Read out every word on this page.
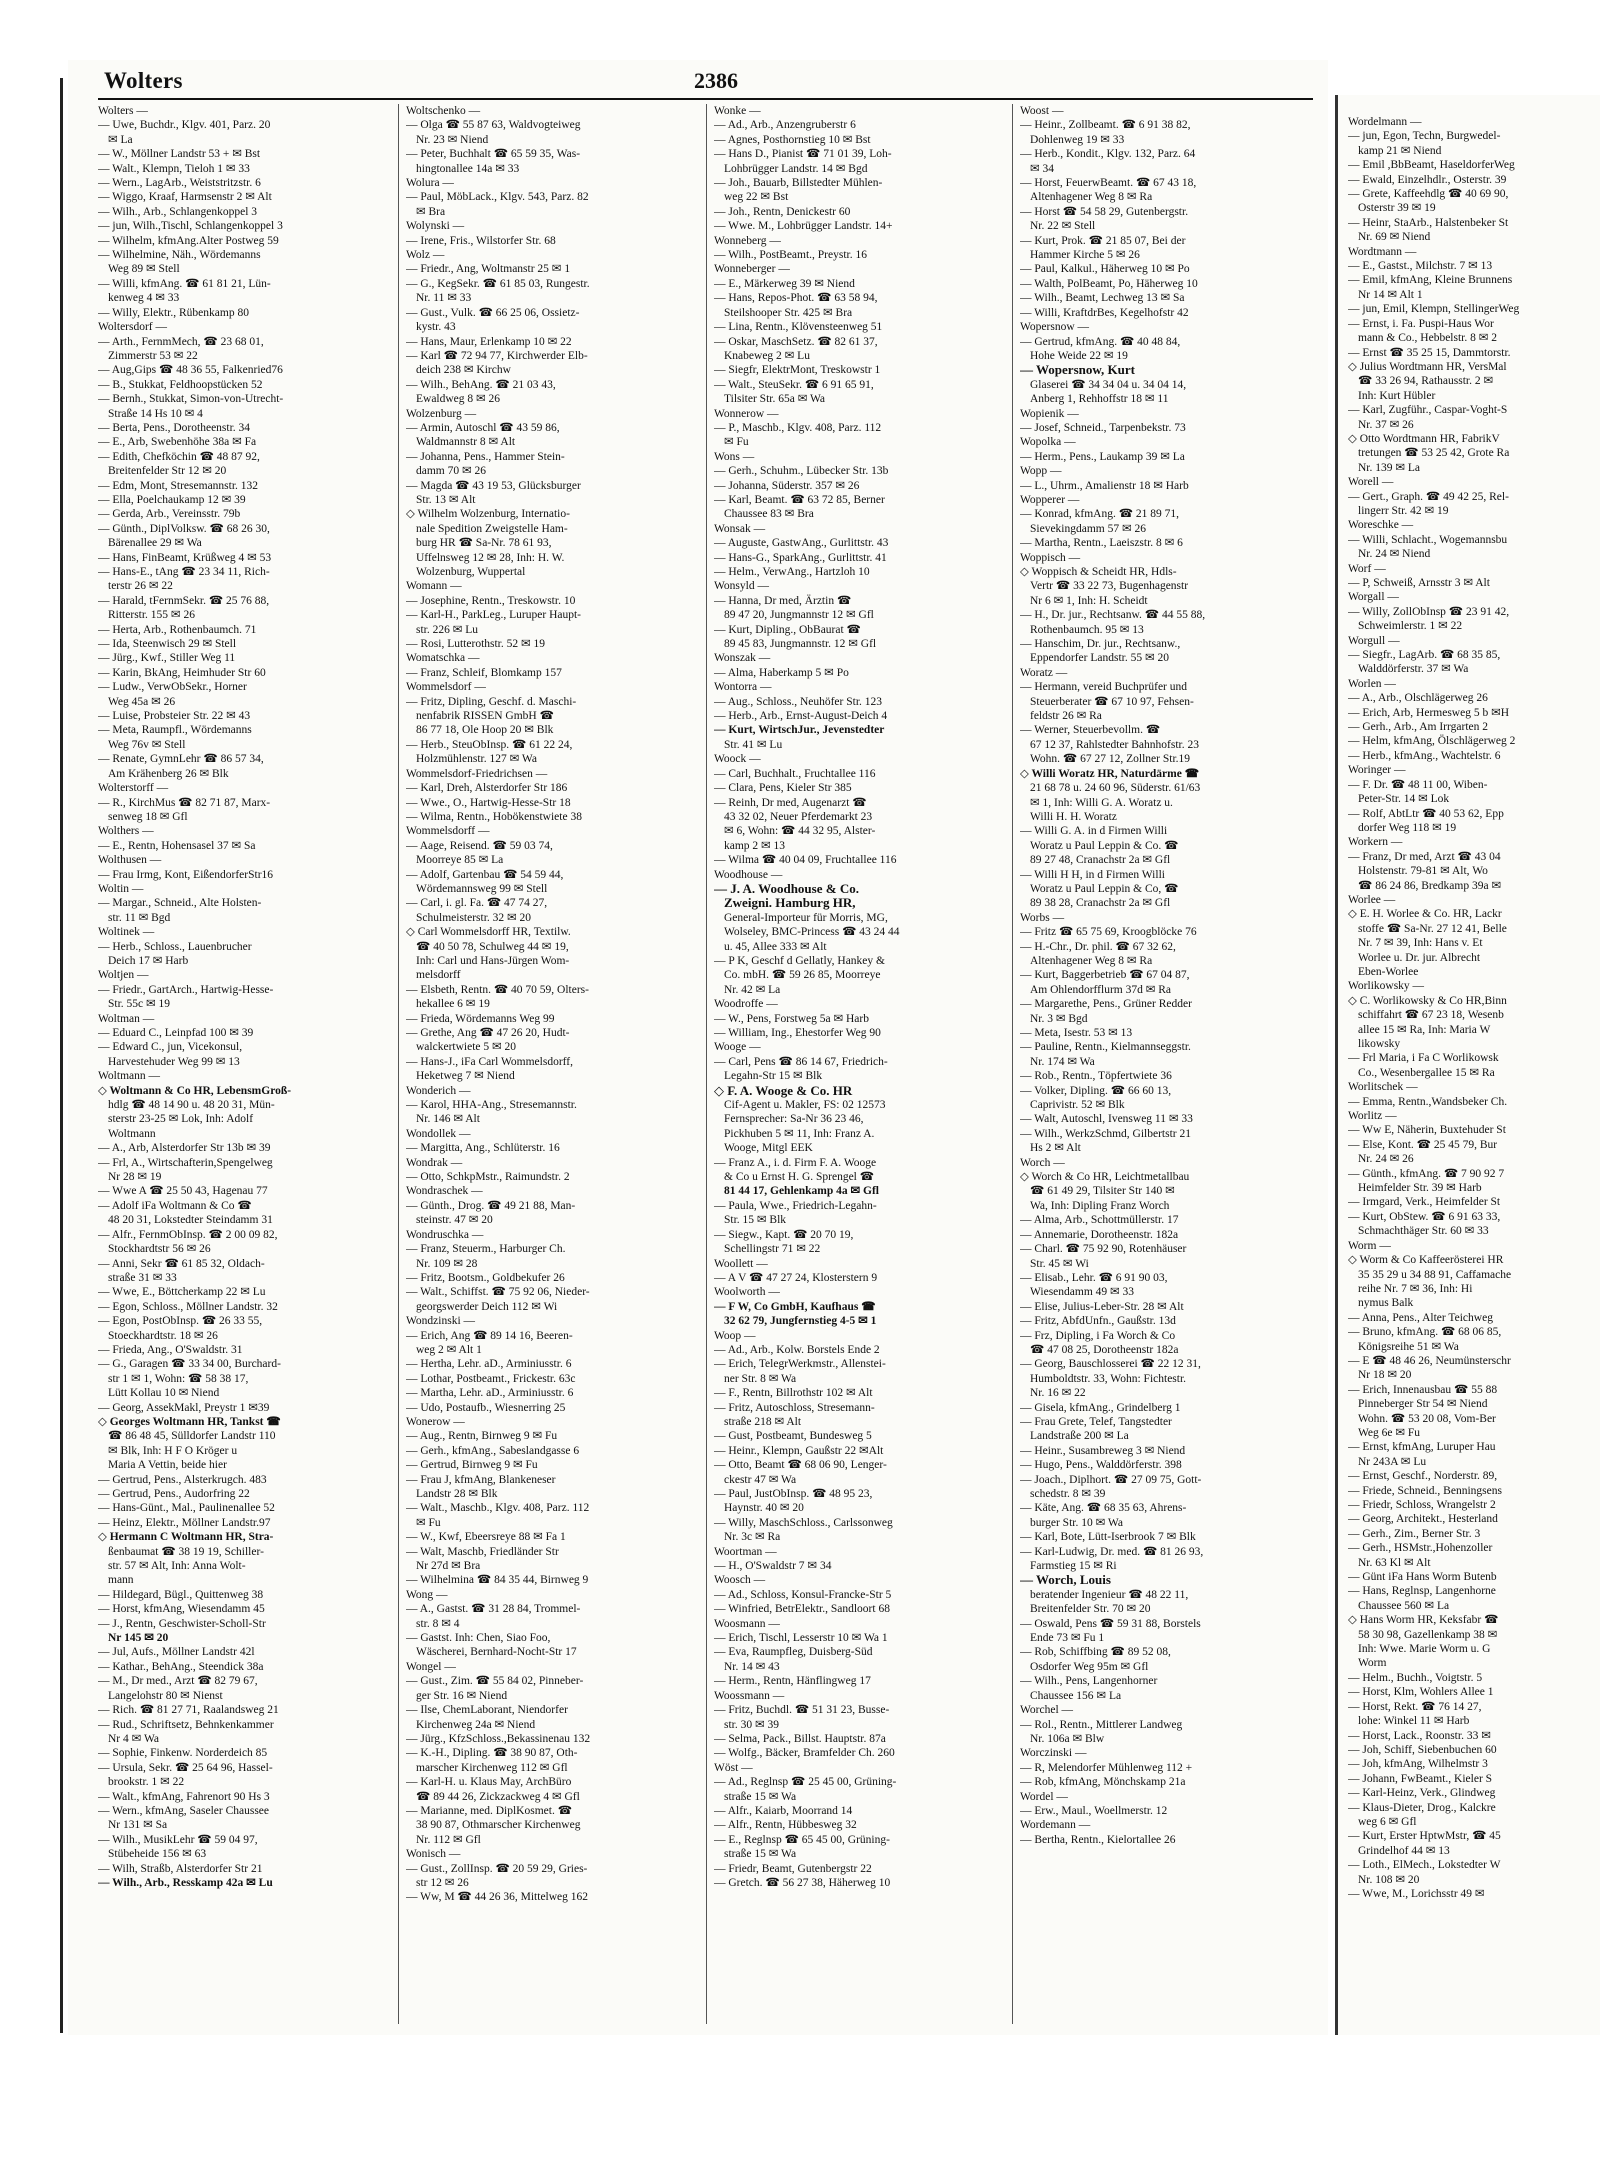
Wolters	2386

Wolters —

— Uwe, Buchdr., Klgv. 401, Parz. 20

✉ La

— W., Möllner Landstr 53 + ✉ Bst

— Walt., Klempn, Tieloh 1 ✉ 33

— Wern., LagArb., Weiststritzstr. 6

— Wiggo, Kraaf, Harmsenstr 2 ✉ Alt

— Wilh., Arb., Schlangenkoppel 3

— jun, Wilh.,Tischl, Schlangenkoppel 3

— Wilhelm, kfmAng.Alter Postweg 59

— Wilhelmine, Näh., Wördemanns

Weg 89 ✉ Stell

— Willi, kfmAng. ☎ 61 81 21, Lün-

kenweg 4 ✉ 33

— Willy, Elektr., Rübenkamp 80

Woltersdorf —

— Arth., FernmMech, ☎ 23 68 01,

Zimmerstr 53 ✉ 22

— Aug,Gips ☎ 48 36 55, Falkenried76

— B., Stukkat, Feldhoopstücken 52

— Bernh., Stukkat, Simon-von-Utrecht-

Straße 14 Hs 10 ✉ 4

— Berta, Pens., Dorotheenstr. 34

— E., Arb, Swebenhöhe 38a ✉ Fa

— Edith, Chefköchin ☎ 48 87 92,

Breitenfelder Str 12 ✉ 20

— Edm, Mont, Stresemannstr. 132

— Ella, Poelchaukamp 12 ✉ 39

— Gerda, Arb., Vereinsstr. 79b

— Günth., DiplVolksw. ☎ 68 26 30,

Bärenallee 29 ✉ Wa

— Hans, FinBeamt, Krüßweg 4 ✉ 53

— Hans-E., tAng ☎ 23 34 11, Rich-

terstr 26 ✉ 22

— Harald, tFernmSekr. ☎ 25 76 88,

Ritterstr. 155 ✉ 26

— Herta, Arb., Rothenbaumch. 71

— Ida, Steenwisch 29 ✉ Stell

— Jürg., Kwf., Stiller Weg 11

— Karin, BkAng, Heimhuder Str 60

— Ludw., VerwObSekr., Horner

Weg 45a ✉ 26

— Luise, Probsteier Str. 22 ✉ 43

— Meta, Raumpfl., Wördemanns

Weg 76v ✉ Stell

— Renate, GymnLehr ☎ 86 57 34,

Am Krähenberg 26 ✉ Blk

Wolterstorff —

— R., KirchMus ☎ 82 71 87, Marx-

senweg 18 ✉ Gfl

Wolthers —

— E., Rentn, Hohensasel 37 ✉ Sa

Wolthusen —

— Frau Irmg, Kont, EißendorferStr16

Woltin —

— Margar., Schneid., Alte Holsten-

str. 11 ✉ Bgd

Woltinek —

— Herb., Schloss., Lauenbrucher

Deich 17 ✉ Harb

Woltjen —

— Friedr., GartArch., Hartwig-Hesse-

Str. 55c ✉ 19

Woltman —

— Eduard C., Leinpfad 100 ✉ 39

— Edward C., jun, Vicekonsul,

Harvestehuder Weg 99 ✉ 13

Woltmann —

◇ Woltmann & Co HR, LebensmGroß-

hdlg ☎ 48 14 90 u. 48 20 31, Mün-

sterstr 23-25 ✉ Lok, Inh: Adolf

Woltmann

— A., Arb, Alsterdorfer Str 13b ✉ 39

— Frl, A., Wirtschafterin,Spengelweg

Nr 28 ✉ 19

— Wwe A ☎ 25 50 43, Hagenau 77

— Adolf iFa Woltmann & Co ☎

48 20 31, Lokstedter Steindamm 31

— Alfr., FernmObInsp. ☎ 2 00 09 82,

Stockhardtstr 56 ✉ 26

— Anni, Sekr ☎ 61 85 32, Oldach-

straße 31 ✉ 33

— Wwe, E., Böttcherkamp 22 ✉ Lu

— Egon, Schloss., Möllner Landstr. 32

— Egon, PostObInsp. ☎ 26 33 55,

Stoeckhardtstr. 18 ✉ 26

— Frieda, Ang., O'Swaldstr. 31

— G., Garagen ☎ 33 34 00, Burchard-

str 1 ✉ 1, Wohn: ☎ 58 38 17,

Lütt Kollau 10 ✉ Niend

— Georg, AssekMakl, Preystr 1 ✉39

◇ Georges Woltmann HR, Tankst ☎

☎ 86 48 45, Sülldorfer Landstr 110

✉ Blk, Inh: H F O Kröger u

Maria A Vettin, beide hier

— Gertrud, Pens., Alsterkrugch. 483

— Gertrud, Pens., Audorfring 22

— Hans-Günt., Mal., Paulinenallee 52

— Heinz, Elektr., Möllner Landstr.97

◇ Hermann C Woltmann HR, Stra-

ßenbaumat ☎ 38 19 19, Schiller-

str. 57 ✉ Alt, Inh: Anna Wolt-

mann

— Hildegard, Bügl., Quittenweg 38

— Horst, kfmAng, Wiesendamm 45

— J., Rentn, Geschwister-Scholl-Str

Nr 145 ✉ 20

— Jul, Aufs., Möllner Landstr 42l

— Kathar., BehAng., Steendick 38a

— M., Dr med., Arzt ☎ 82 79 67,

Langelohstr 80 ✉ Nienst

— Rich. ☎ 81 27 71, Raalandsweg 21

— Rud., Schriftsetz, Behnkenkammer

Nr 4 ✉ Wa

— Sophie, Finkenw. Norderdeich 85

— Ursula, Sekr. ☎ 25 64 96, Hassel-

brookstr. 1 ✉ 22

— Walt., kfmAng, Fahrenort 90 Hs 3

— Wern., kfmAng, Saseler Chaussee

Nr 131 ✉ Sa

— Wilh., MusikLehr ☎ 59 04 97,

Stübeheide 156 ✉ 63

— Wilh, Straßb, Alsterdorfer Str 21

— Wilh., Arb., Resskamp 42a ✉ Lu

Woltschenko —

— Olga ☎ 55 87 63, Waldvogteiweg

Nr. 23 ✉ Niend

— Peter, Buchhalt ☎ 65 59 35, Was-

hingtonallee 14a ✉ 33

Wolura —

— Paul, MöbLack., Klgv. 543, Parz. 82

✉ Bra

Wolynski —

— Irene, Fris., Wilstorfer Str. 68

Wolz —

— Friedr., Ang, Woltmanstr 25 ✉ 1

— G., KegSekr. ☎ 61 85 03, Rungestr.

Nr. 11 ✉ 33

— Gust., Vulk. ☎ 66 25 06, Ossietz-

kystr. 43

— Hans, Maur, Erlenkamp 10 ✉ 22

— Karl ☎ 72 94 77, Kirchwerder Elb-

deich 238 ✉ Kirchw

— Wilh., BehAng. ☎ 21 03 43,

Ewaldweg 8 ✉ 26

Wolzenburg —

— Armin, Autoschl ☎ 43 59 86,

Waldmannstr 8 ✉ Alt

— Johanna, Pens., Hammer Stein-

damm 70 ✉ 26

— Magda ☎ 43 19 53, Glücksburger

Str. 13 ✉ Alt

◇ Wilhelm Wolzenburg, Internatio-

nale Spedition Zweigstelle Ham-

burg HR ☎ Sa-Nr. 78 61 93,

Uffelnsweg 12 ✉ 28, Inh: H. W.

Wolzenburg, Wuppertal

Womann —

— Josephine, Rentn., Treskowstr. 10

— Karl-H., ParkLeg., Luruper Haupt-

str. 226 ✉ Lu

— Rosi, Lutterothstr. 52 ✉ 19

Womatschka —

— Franz, Schleif, Blomkamp 157

Wommelsdorf —

— Fritz, Dipling, Geschf. d. Maschi-

nenfabrik RISSEN GmbH ☎

86 77 18, Ole Hoop 20 ✉ Blk

— Herb., SteuObInsp. ☎ 61 22 24,

Holzmühlenstr. 127 ✉ Wa

Wommelsdorf-Friedrichsen —

— Karl, Dreh, Alsterdorfer Str 186

— Wwe., O., Hartwig-Hesse-Str 18

— Wilma, Rentn., Hobökenstwiete 38

Wommelsdorff —

— Aage, Reisend. ☎ 59 03 74,

Moorreye 85 ✉ La

— Adolf, Gartenbau ☎ 54 59 44,

Wördemannsweg 99 ✉ Stell

— Carl, i. gl. Fa. ☎ 47 74 27,

Schulmeisterstr. 32 ✉ 20

◇ Carl Wommelsdorff HR, Textilw.

☎ 40 50 78, Schulweg 44 ✉ 19,

Inh: Carl und Hans-Jürgen Wom-

melsdorff

— Elsbeth, Rentn. ☎ 40 70 59, Olters-

hekallee 6 ✉ 19

— Frieda, Wördemanns Weg 99

— Grethe, Ang ☎ 47 26 20, Hudt-

walckertwiete 5 ✉ 20

— Hans-J., iFa Carl Wommelsdorff,

Heketweg 7 ✉ Niend

Wonderich —

— Karol, HHA-Ang., Stresemannstr.

Nr. 146 ✉ Alt

Wondollek —

— Margitta, Ang., Schlüterstr. 16

Wondrak —

— Otto, SchkpMstr., Raimundstr. 2

Wondraschek —

— Günth., Drog. ☎ 49 21 88, Man-

steinstr. 47 ✉ 20

Wondruschka —

— Franz, Steuerm., Harburger Ch.

Nr. 109 ✉ 28

— Fritz, Bootsm., Goldbekufer 26

— Walt., Schiffst. ☎ 75 92 06, Nieder-

georgswerder Deich 112 ✉ Wi

Wondzinski —

— Erich, Ang ☎ 89 14 16, Beeren-

weg 2 ✉ Alt 1

— Hertha, Lehr. aD., Arminiusstr. 6

— Lothar, Postbeamt., Frickestr. 63c

— Martha, Lehr. aD., Arminiusstr. 6

— Udo, Postaufb., Wiesnerring 25

Wonerow —

— Aug., Rentn, Birnweg 9 ✉ Fu

— Gerh., kfmAng., Sabeslandgasse 6

— Gertrud, Birnweg 9 ✉ Fu

— Frau J, kfmAng, Blankeneser

Landstr 28 ✉ Blk

— Walt., Maschb., Klgv. 408, Parz. 112

✉ Fu

— W., Kwf, Ebeersreye 88 ✉ Fa 1

— Walt, Maschb, Friedländer Str

Nr 27d ✉ Bra

— Wilhelmina ☎ 84 35 44, Birnweg 9

Wong —

— A., Gastst. ☎ 31 28 84, Trommel-

str. 8 ✉ 4

— Gastst. Inh: Chen, Siao Foo,

Wäscherei, Bernhard-Nocht-Str 17

Wongel —

— Gust., Zim. ☎ 55 84 02, Pinneber-

ger Str. 16 ✉ Niend

— Ilse, ChemLaborant, Niendorfer

Kirchenweg 24a ✉ Niend

— Jürg., KfzSchloss.,Bekassinenau 132

— K.-H., Dipling. ☎ 38 90 87, Oth-

marscher Kirchenweg 112 ✉ Gfl

— Karl-H. u. Klaus May, ArchBüro

☎ 89 44 26, Zickzackweg 4 ✉ Gfl

— Marianne, med. DiplKosmet. ☎

38 90 87, Othmarscher Kirchenweg

Nr. 112 ✉ Gfl

Wonisch —

— Gust., ZollInsp. ☎ 20 59 29, Gries-

str 12 ✉ 26

— Ww, M ☎ 44 26 36, Mittelweg 162

Wonke —

— Ad., Arb., Anzengruberstr 6

— Agnes, Posthornstieg 10 ✉ Bst

— Hans D., Pianist ☎ 71 01 39, Loh-

Lohbrügger Landstr. 14 ✉ Bgd

— Joh., Bauarb, Billstedter Mühlen-

weg 22 ✉ Bst

— Joh., Rentn, Denickestr 60

— Wwe. M., Lohbrügger Landstr. 14+

Wonneberg —

— Wilh., PostBeamt., Preystr. 16

Wonneberger —

— E., Märkerweg 39 ✉ Niend

— Hans, Repos-Phot. ☎ 63 58 94,

Steilshooper Str. 425 ✉ Bra

— Lina, Rentn., Klövensteenweg 51

— Oskar, MaschSetz. ☎ 82 61 37,

Knabeweg 2 ✉ Lu

— Siegfr, ElektrMont, Treskowstr 1

— Walt., SteuSekr. ☎ 6 91 65 91,

Tilsiter Str. 65a ✉ Wa

Wonnerow —

— P., Maschb., Klgv. 408, Parz. 112

✉ Fu

Wons —

— Gerh., Schuhm., Lübecker Str. 13b

— Johanna, Süderstr. 357 ✉ 26

— Karl, Beamt. ☎ 63 72 85, Berner

Chaussee 83 ✉ Bra

Wonsak —

— Auguste, GastwAng., Gurlittstr. 43

— Hans-G., SparkAng., Gurlittstr. 41

— Helm., VerwAng., Hartzloh 10

Wonsyld —

— Hanna, Dr med, Ärztin ☎

89 47 20, Jungmannstr 12 ✉ Gfl

— Kurt, Dipling., ObBaurat ☎

89 45 83, Jungmannstr. 12 ✉ Gfl

Wonszak —

— Alma, Haberkamp 5 ✉ Po

Wontorra —

— Aug., Schloss., Neuhöfer Str. 123

— Herb., Arb., Ernst-August-Deich 4

— Kurt, WirtschJur., Jevenstedter

Str. 41 ✉ Lu

Woock —

— Carl, Buchhalt., Fruchtallee 116

— Clara, Pens, Kieler Str 385

— Reinh, Dr med, Augenarzt ☎

43 32 02, Neuer Pferdemarkt 23

✉ 6, Wohn: ☎ 44 32 95, Alster-

kamp 2 ✉ 13

— Wilma ☎ 40 04 09, Fruchtallee 116

Woodhouse —

— J. A. Woodhouse & Co.

Zweigni. Hamburg HR,

General-Importeur für Morris, MG,

Wolseley, BMC-Princess ☎ 43 24 44

u. 45, Allee 333 ✉ Alt

— P K, Geschf d Gellatly, Hankey &

Co. mbH. ☎ 59 26 85, Moorreye

Nr. 42 ✉ La

Woodroffe —

— W., Pens, Forstweg 5a ✉ Harb

— William, Ing., Ehestorfer Weg 90

Wooge —

— Carl, Pens ☎ 86 14 67, Friedrich-

Legahn-Str 15 ✉ Blk

◇ F. A. Wooge & Co. HR

Cif-Agent u. Makler, FS: 02 12573

Fernsprecher: Sa-Nr 36 23 46,

Pickhuben 5 ✉ 11, Inh: Franz A.

Wooge, Mitgl EEK

— Franz A., i. d. Firm F. A. Wooge

& Co u Ernst H. G. Sprengel ☎

81 44 17, Gehlenkamp 4a ✉ Gfl

— Paula, Wwe., Friedrich-Legahn-

Str. 15 ✉ Blk

— Siegw., Kapt. ☎ 20 70 19,

Schellingstr 71 ✉ 22

Woollett —

— A V ☎ 47 27 24, Klosterstern 9

Woolworth —

— F W, Co GmbH, Kaufhaus ☎

32 62 79, Jungfernstieg 4-5 ✉ 1

Woop —

— Ad., Arb., Kolw. Borstels Ende 2

— Erich, TelegrWerkmstr., Allenstei-

ner Str. 8 ✉ Wa

— F., Rentn, Billrothstr 102 ✉ Alt

— Fritz, Autoschloss, Stresemann-

straße 218 ✉ Alt

— Gust, Postbeamt, Bundesweg 5

— Heinr., Klempn, Gaußstr 22 ✉Alt

— Otto, Beamt ☎ 68 06 90, Lenger-

ckestr 47 ✉ Wa

— Paul, JustObInsp. ☎ 48 95 23,

Haynstr. 40 ✉ 20

— Willy, MaschSchloss., Carlssonweg

Nr. 3c ✉ Ra

Woortman —

— H., O'Swaldstr 7 ✉ 34

Woosch —

— Ad., Schloss, Konsul-Francke-Str 5

— Winfried, BetrElektr., Sandloort 68

Woosmann —

— Erich, Tischl, Lesserstr 10 ✉ Wa 1

— Eva, Raumpfleg, Duisberg-Süd

Nr. 14 ✉ 43

— Herm., Rentn, Hänflingweg 17

Woossmann —

— Fritz, Buchdl. ☎ 51 31 23, Busse-

str. 30 ✉ 39

— Selma, Pack., Billst. Hauptstr. 87a

— Wolfg., Bäcker, Bramfelder Ch. 260

Wöst —

— Ad., Reglnsp ☎ 25 45 00, Grüning-

straße 15 ✉ Wa

— Alfr., Kaiarb, Moorrand 14

— Alfr., Rentn, Hübbesweg 32

— E., Reglnsp ☎ 65 45 00, Grüning-

straße 15 ✉ Wa

— Friedr, Beamt, Gutenbergstr 22

— Gretch. ☎ 56 27 38, Häherweg 10

Woost —

— Heinr., Zollbeamt. ☎ 6 91 38 82,

Dohlenweg 19 ✉ 33

— Herb., Kondit., Klgv. 132, Parz. 64

✉ 34

— Horst, FeuerwBeamt. ☎ 67 43 18,

Altenhagener Weg 8 ✉ Ra

— Horst ☎ 54 58 29, Gutenbergstr.

Nr. 22 ✉ Stell

— Kurt, Prok. ☎ 21 85 07, Bei der

Hammer Kirche 5 ✉ 26

— Paul, Kalkul., Häherweg 10 ✉ Po

— Walth, PolBeamt, Po, Häherweg 10

— Wilh., Beamt, Lechweg 13 ✉ Sa

— Willi, KraftdrBes, Kegelhofstr 42

Wopersnow —

— Gertrud, kfmAng. ☎ 40 48 84,

Hohe Weide 22 ✉ 19

— Wopersnow, Kurt

Glaserei ☎ 34 34 04 u. 34 04 14,

Anberg 1, Rehhoffstr 18 ✉ 11

Wopienik —

— Josef, Schneid., Tarpenbekstr. 73

Wopolka —

— Herm., Pens., Laukamp 39 ✉ La

Wopp —

— L., Uhrm., Amalienstr 18 ✉ Harb

Wopperer —

— Konrad, kfmAng. ☎ 21 89 71,

Sievekingdamm 57 ✉ 26

— Martha, Rentn., Laeiszstr. 8 ✉ 6

Woppisch —

◇ Woppisch & Scheidt HR, Hdls-

Vertr ☎ 33 22 73, Bugenhagenstr

Nr 6 ✉ 1, Inh: H. Scheidt

— H., Dr. jur., Rechtsanw. ☎ 44 55 88,

Rothenbaumch. 95 ✉ 13

— Hanschim, Dr. jur., Rechtsanw.,

Eppendorfer Landstr. 55 ✉ 20

Woratz —

— Hermann, vereid Buchprüfer und

Steuerberater ☎ 67 10 97, Fehsen-

feldstr 26 ✉ Ra

— Werner, Steuerbevollm. ☎

67 12 37, Rahlstedter Bahnhofstr. 23

Wohn. ☎ 67 27 12, Zollner Str.19

◇ Willi Woratz HR, Naturdärme ☎

21 68 78 u. 24 60 96, Süderstr. 61/63

✉ 1, Inh: Willi G. A. Woratz u.

Willi H. H. Woratz

— Willi G. A. in d Firmen Willi

Woratz u Paul Leppin & Co. ☎

89 27 48, Cranachstr 2a ✉ Gfl

— Willi H H, in d Firmen Willi

Woratz u Paul Leppin & Co, ☎

89 38 28, Cranachstr 2a ✉ Gfl

Worbs —

— Fritz ☎ 65 75 69, Kroogblöcke 76

— H.-Chr., Dr. phil. ☎ 67 32 62,

Altenhagener Weg 8 ✉ Ra

— Kurt, Baggerbetrieb ☎ 67 04 87,

Am Ohlendorfflurm 37d ✉ Ra

— Margarethe, Pens., Grüner Redder

Nr. 3 ✉ Bgd

— Meta, Isestr. 53 ✉ 13

— Pauline, Rentn., Kielmannseggstr.

Nr. 174 ✉ Wa

— Rob., Rentn., Töpfertwiete 36

— Volker, Dipling. ☎ 66 60 13,

Caprivistr. 52 ✉ Blk

— Walt, Autoschl, Ivensweg 11 ✉ 33

— Wilh., WerkzSchmd, Gilbertstr 21

Hs 2 ✉ Alt

Worch —

◇ Worch & Co HR, Leichtmetallbau

☎ 61 49 29, Tilsiter Str 140 ✉

Wa, Inh: Dipling Franz Worch

— Alma, Arb., Schottmüllerstr. 17

— Annemarie, Dorotheenstr. 182a

— Charl. ☎ 75 92 90, Rotenhäuser

Str. 45 ✉ Wi

— Elisab., Lehr. ☎ 6 91 90 03,

Wiesendamm 49 ✉ 33

— Elise, Julius-Leber-Str. 28 ✉ Alt

— Fritz, AbfdUnfn., Gaußstr. 13d

— Frz, Dipling, i Fa Worch & Co

☎ 47 08 25, Dorotheenstr 182a

— Georg, Bauschlosserei ☎ 22 12 31,

Humboldtstr. 33, Wohn: Fichtestr.

Nr. 16 ✉ 22

— Gisela, kfmAng., Grindelberg 1

— Frau Grete, Telef, Tangstedter

Landstraße 200 ✉ La

— Heinr., Susambreweg 3 ✉ Niend

— Hugo, Pens., Walddörferstr. 398

— Joach., Diplhort. ☎ 27 09 75, Gott-

schedstr. 8 ✉ 39

— Käte, Ang. ☎ 68 35 63, Ahrens-

burger Str. 10 ✉ Wa

— Karl, Bote, Lütt-Iserbrook 7 ✉ Blk

— Karl-Ludwig, Dr. med. ☎ 81 26 93,

Farmstieg 15 ✉ Ri

— Worch, Louis

beratender Ingenieur ☎ 48 22 11,

Breitenfelder Str. 70 ✉ 20

— Oswald, Pens ☎ 59 31 88, Borstels

Ende 73 ✉ Fu 1

— Rob, Schiffbing ☎ 89 52 08,

Osdorfer Weg 95m ✉ Gfl

— Wilh., Pens, Langenhorner

Chaussee 156 ✉ La

Worchel —

— Rol., Rentn., Mittlerer Landweg

Nr. 106a ✉ Blw

Worczinski —

— R, Melendorfer Mühlenweg 112 +

— Rob, kfmAng, Mönchskamp 21a

Wordel —

— Erw., Maul., Woellmerstr. 12

Wordemann —

— Bertha, Rentn., Kielortallee 26

Wordelmann —

— jun, Egon, Techn, Burgwedel-

kamp 21 ✉ Niend

— Emil ,BbBeamt, HaseldorferWeg

— Ewald, Einzelhdlr., Osterstr. 39

— Grete, Kaffeehdlg ☎ 40 69 90,

Osterstr 39 ✉ 19

— Heinr, StaArb., Halstenbeker St

Nr. 69 ✉ Niend

Wordtmann —

— E., Gastst., Milchstr. 7 ✉ 13

— Emil, kfmAng, Kleine Brunnens

Nr 14 ✉ Alt 1

— jun, Emil, Klempn, StellingerWeg

— Ernst, i. Fa. Puspi-Haus Wor

mann & Co., Hebbelstr. 8 ✉ 2

— Ernst ☎ 35 25 15, Dammtorstr.

◇ Julius Wordtmann HR, VersMal

☎ 33 26 94, Rathausstr. 2 ✉

Inh: Kurt Hübler

— Karl, Zugführ., Caspar-Voght-S

Nr. 37 ✉ 26

◇ Otto Wordtmann HR, FabrikV

tretungen ☎ 53 25 42, Grote Ra

Nr. 139 ✉ La

Worell —

— Gert., Graph. ☎ 49 42 25, Rel-

lingerr Str. 42 ✉ 19

Woreschke —

— Willi, Schlacht., Wogemannsbu

Nr. 24 ✉ Niend

Worf —

— P, Schweiß, Arnsstr 3 ✉ Alt

Worgall —

— Willy, ZollObInsp ☎ 23 91 42,

Schweimlerstr. 1 ✉ 22

Worgull —

— Siegfr., LagArb. ☎ 68 35 85,

Walddörferstr. 37 ✉ Wa

Worlen —

— A., Arb., Olschlägerweg 26

— Erich, Arb, Hermesweg 5 b ✉H

— Gerh., Arb., Am Irrgarten 2

— Helm, kfmAng, Ölschlägerweg 2

— Herb., kfmAng., Wachtelstr. 6

Woringer —

— F. Dr. ☎ 48 11 00, Wiben-

Peter-Str. 14 ✉ Lok

— Rolf, AbtLtr ☎ 40 53 62, Epp

dorfer Weg 118 ✉ 19

Workern —

— Franz, Dr med, Arzt ☎ 43 04

Holstenstr. 79-81 ✉ Alt, Wo

☎ 86 24 86, Bredkamp 39a ✉

Worlee —

◇ E. H. Worlee & Co. HR, Lackr

stoffe ☎ Sa-Nr. 27 12 41, Belle

Nr. 7 ✉ 39, Inh: Hans v. Et

Worlee u. Dr. jur. Albrecht

Eben-Worlee

Worlikowsky —

◇ C. Worlikowsky & Co HR,Binn

schiffahrt ☎ 67 23 18, Wesenb

allee 15 ✉ Ra, Inh: Maria W

likowsky

— Frl Maria, i Fa C Worlikowsk

Co., Wesenbergallee 15 ✉ Ra

Worlitschek —

— Emma, Rentn.,Wandsbeker Ch.

Worlitz —

— Ww E, Näherin, Buxtehuder St

— Else, Kont. ☎ 25 45 79, Bur

Nr. 24 ✉ 26

— Günth., kfmAng. ☎ 7 90 92 7

Heimfelder Str. 39 ✉ Harb

— Irmgard, Verk., Heimfelder St

— Kurt, ObStew. ☎ 6 91 63 33,

Schmachthäger Str. 60 ✉ 33

Worm —

◇ Worm & Co Kaffeerösterei HR

35 35 29 u 34 88 91, Caffamache

reihe Nr. 7 ✉ 36, Inh: Hi

nymus Balk

— Anna, Pens., Alter Teichweg

— Bruno, kfmAng. ☎ 68 06 85,

Königsreihe 51 ✉ Wa

— E ☎ 48 46 26, Neumünsterschr

Nr 18 ✉ 20

— Erich, Innenausbau ☎ 55 88

Pinneberger Str 54 ✉ Niend

Wohn. ☎ 53 20 08, Vom-Ber

Weg 6e ✉ Fu

— Ernst, kfmAng, Luruper Hau

Nr 243A ✉ Lu

— Ernst, Geschf., Norderstr. 89,

— Friede, Schneid., Benningsens

— Friedr, Schloss, Wrangelstr 2

— Georg, Architekt., Hesterland

— Gerh., Zim., Berner Str. 3

— Gerh., HSMstr.,Hohenzoller

Nr. 63 Kl ✉ Alt

— Günt iFa Hans Worm Butenb

— Hans, Reglnsp, Langenhorne

Chaussee 560 ✉ La

◇ Hans Worm HR, Keksfabr ☎

58 30 98, Gazellenkamp 38 ✉

Inh: Wwe. Marie Worm u. G

Worm

— Helm., Buchh., Voigtstr. 5

— Horst, Klm, Wohlers Allee 1

— Horst, Rekt. ☎ 76 14 27,

lohe: Winkel 11 ✉ Harb

— Horst, Lack., Roonstr. 33 ✉

— Joh, Schiff, Siebenbuchen 60

— Joh, kfmAng, Wilhelmstr 3

— Johann, FwBeamt., Kieler S

— Karl-Heinz, Verk., Glindweg

— Klaus-Dieter, Drog., Kalckre

weg 6 ✉ Gfl

— Kurt, Erster HptwMstr, ☎ 45

Grindelhof 44 ✉ 13

— Loth., ElMech., Lokstedter W

Nr. 108 ✉ 20

— Wwe, M., Lorichsstr 49 ✉
